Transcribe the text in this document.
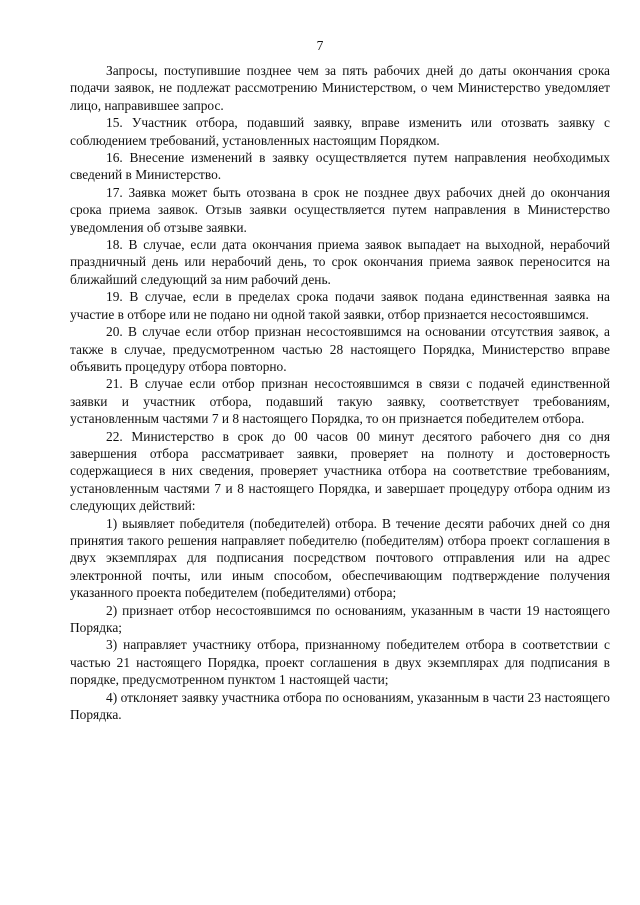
7

Запросы, поступившие позднее чем за пять рабочих дней до даты окончания срока подачи заявок, не подлежат рассмотрению Министерством, о чем Министерство уведомляет лицо, направившее запрос.

15. Участник отбора, подавший заявку, вправе изменить или отозвать заявку с соблюдением требований, установленных настоящим Порядком.

16. Внесение изменений в заявку осуществляется путем направления необходимых сведений в Министерство.

17. Заявка может быть отозвана в срок не позднее двух рабочих дней до окончания срока приема заявок. Отзыв заявки осуществляется путем направления в Министерство уведомления об отзыве заявки.

18. В случае, если дата окончания приема заявок выпадает на выходной, нерабочий праздничный день или нерабочий день, то срок окончания приема заявок переносится на ближайший следующий за ним рабочий день.

19. В случае, если в пределах срока подачи заявок подана единственная заявка на участие в отборе или не подано ни одной такой заявки, отбор признается несостоявшимся.

20. В случае если отбор признан несостоявшимся на основании отсутствия заявок, а также в случае, предусмотренном частью 28 настоящего Порядка, Министерство вправе объявить процедуру отбора повторно.

21. В случае если отбор признан несостоявшимся в связи с подачей единственной заявки и участник отбора, подавший такую заявку, соответствует требованиям, установленным частями 7 и 8 настоящего Порядка, то он признается победителем отбора.

22. Министерство в срок до 00 часов 00 минут десятого рабочего дня со дня завершения отбора рассматривает заявки, проверяет на полноту и достоверность содержащиеся в них сведения, проверяет участника отбора на соответствие требованиям, установленным частями 7 и 8 настоящего Порядка, и завершает процедуру отбора одним из следующих действий:

1) выявляет победителя (победителей) отбора. В течение десяти рабочих дней со дня принятия такого решения направляет победителю (победителям) отбора проект соглашения в двух экземплярах для подписания посредством почтового отправления или на адрес электронной почты, или иным способом, обеспечивающим подтверждение получения указанного проекта победителем (победителями) отбора;

2) признает отбор несостоявшимся по основаниям, указанным в части 19 настоящего Порядка;

3) направляет участнику отбора, признанному победителем отбора в соответствии с частью 21 настоящего Порядка, проект соглашения в двух экземплярах для подписания в порядке, предусмотренном пунктом 1 настоящей части;

4) отклоняет заявку участника отбора по основаниям, указанным в части 23 настоящего Порядка.
